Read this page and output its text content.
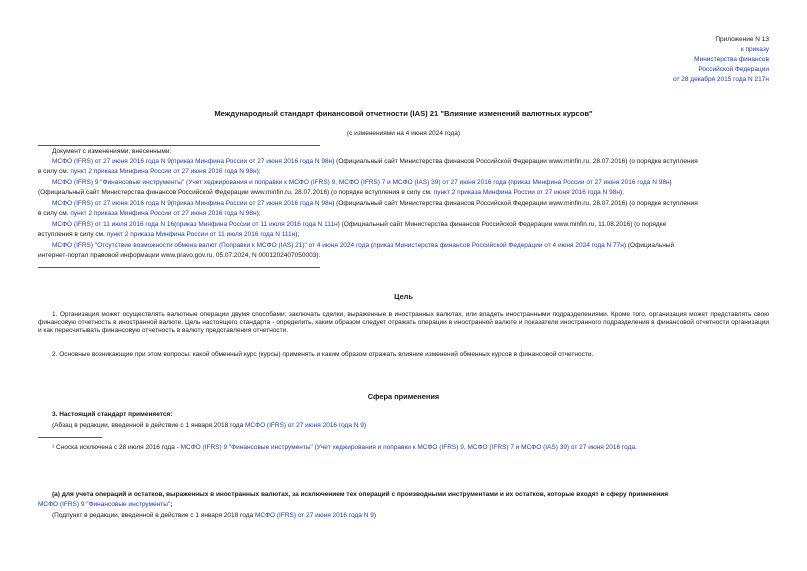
Приложение N 13
к приказу
Министерства финансов
Российской Федерации
от 28 декабря 2015 года N 217н
Международный стандарт финансовой отчетности (IAS) 21 "Влияние изменений валютных курсов"
(с изменениями на 4 июня 2024 года)
Документ с изменениями, внесенными:
МСФО (IFRS) от 27 июня 2016 года N 9(приказ Минфина России от 27 июня 2016 года N 98н) (Официальный сайт Министерства финансов Российской Федерации www.minfin.ru, 28.07.2016) (о порядке вступления
в силу см. пункт 2 приказа Минфина России от 27 июня 2016 года N 98н);
МСФО (IFRS) 9 "Финансовые инструменты" (Учет хеджирования и поправки к МСФО (IFRS) 9, МСФО (IFRS) 7 и МСФО (IAS) 39) от 27 июня 2016 года (приказ Минфина России от 27 июня 2016 года N 98н)
(Официальный сайт Министерства финансов Российской Федерации www.minfin.ru, 28.07.2016) (о порядке вступления в силу см. пункт 2 приказа Минфина России от 27 июня 2016 года N 98н);
МСФО (IFRS) от 27 июня 2016 года N 9(приказ Минфина России от 27 июня 2016 года N 98н) (Официальный сайт Министерства финансов Российской Федерации www.minfin.ru, 28.07.2016) (о порядке вступления
в силу см. пункт 2 приказа Минфина России от 27 июня 2016 года N 98н);
МСФО (IFRS) от 11 июля 2016 года N 16(приказ Минфина России от 11 июля 2016 года N 111н) (Официальный сайт Министерства финансов Российской Федерации www.minfin.ru, 11.08.2016) (о порядке
вступления в силу см. пункт 2 приказа Минфина России от 11 июля 2016 года N 111н);
МСФО (IFRS) "Отсутствие возможности обмена валют (Поправки к МСФО (IAS) 21)" от 4 июня 2024 года (приказ Министерства финансов Российской Федерации от 4 июня 2024 года N 77н) (Официальный
интернет-портал правовой информации www.pravo.gov.ru, 05.07.2024, N 0001202407050003).
Цель
1. Организация может осуществлять валютные операции двумя способами: заключать сделки, выраженные в иностранных валютах, или владеть иностранными подразделениями. Кроме того, организация может представлять свою финансовую отчетность в иностранной валюте. Цель настоящего стандарта - определить, каким образом следует отражать операции в иностранной валюте и показатели иностранного подразделения в финансовой отчетности организации и как пересчитывать финансовую отчетность в валюту представления отчетности.
2. Основные возникающие при этом вопросы: какой обменный курс (курсы) применять и каким образом отражать влияние изменений обменных курсов в финансовой отчетности.
Сфера применения
3. Настоящий стандарт применяется:
(Абзац в редакции, введенной в действие с 1 января 2018 года МСФО (IFRS) от 27 июня 2016 года N 9)
¹ Сноска исключена с 28 июля 2016 года - МСФО (IFRS) 9 "Финансовые инструменты" (Учет хеджирования и поправки к МСФО (IFRS) 9, МСФО (IFRS) 7 и МСФО (IAS) 39) от 27 июня 2016 года.
(a) для учета операций и остатков, выраженных в иностранных валютах, за исключением тех операций с производными инструментами и их остатков, которые входят в сферу применения
МСФО (IFRS) 9 "Финансовые инструменты";
(Подпункт в редакции, введенной в действие с 1 января 2018 года МСФО (IFRS) от 27 июня 2016 года N 9)
